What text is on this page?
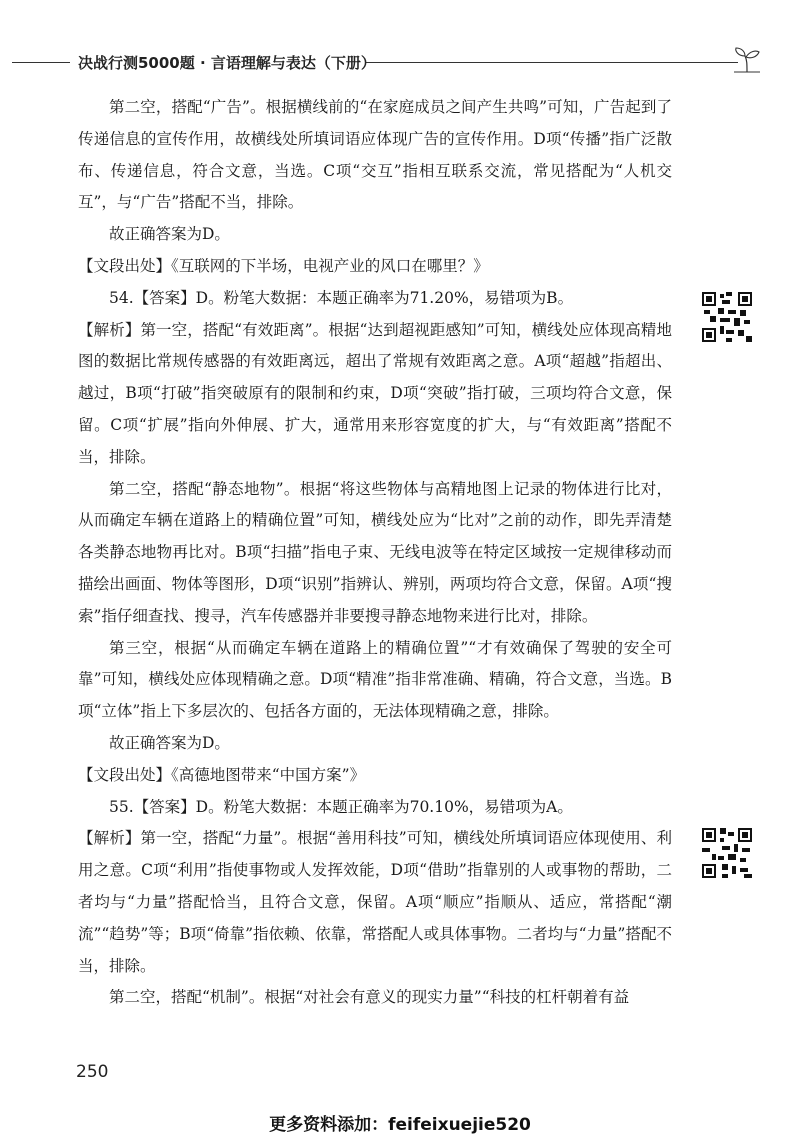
决战行测5000题 · 言语理解与表达（下册）

第二空，搭配“广告”。根据横线前的“在家庭成员之间产生共鸣”可知，广告起到了传递信息的宣传作用，故横线处所填词语应体现广告的宣传作用。D项“传播”指广泛散布、传递信息，符合文意，当选。C项“交互”指相互联系交流，常见搭配为“人机交互”，与“广告”搭配不当，排除。

故正确答案为D。

【文段出处】《互联网的下半场，电视产业的风口在哪里？》

54.【答案】D。粉笔大数据：本题正确率为71.20%，易错项为B。

【解析】第一空，搭配“有效距离”。根据“达到超视距感知”可知，横线处应体现高精地图的数据比常规传感器的有效距离远，超出了常规有效距离之意。A项“超越”指超出、越过，B项“打破”指突破原有的限制和约束，D项“突破”指打破，三项均符合文意，保留。C项“扩展”指向外伸展、扩大，通常用来形容宽度的扩大，与“有效距离”搭配不当，排除。

第二空，搭配“静态地物”。根据“将这些物体与高精地图上记录的物体进行比对，从而确定车辆在道路上的精确位置”可知，横线处应为“比对”之前的动作，即先弄清楚各类静态地物再比对。B项“扫描”指电子束、无线电波等在特定区域按一定规律移动而描绘出画面、物体等图形，D项“识别”指辨认、辨别，两项均符合文意，保留。A项“搜索”指仔细查找、搜寻，汽车传感器并非要搜寻静态地物来进行比对，排除。

第三空，根据“从而确定车辆在道路上的精确位置”“才有效确保了驾驶的安全可靠”可知，横线处应体现精确之意。D项“精准”指非常准确、精确，符合文意，当选。B项“立体”指上下多层次的、包括各方面的，无法体现精确之意，排除。

故正确答案为D。

【文段出处】《高德地图带来“中国方案”》

55.【答案】D。粉笔大数据：本题正确率为70.10%，易错项为A。

【解析】第一空，搭配“力量”。根据“善用科技”可知，横线处所填词语应体现使用、利用之意。C项“利用”指使事物或人发挥效能，D项“借助”指靠别的人或事物的帮助，二者均与“力量”搭配恰当，且符合文意，保留。A项“顺应”指顺从、适应，常搭配“潮流”“趋势”等；B项“倚靠”指依赖、依靠，常搭配人或具体事物。二者均与“力量”搭配不当，排除。

第二空，搭配“机制”。根据“对社会有意义的现实力量”“科技的杠杆朝着有益

250
更多资料添加：feifeixuejie520
